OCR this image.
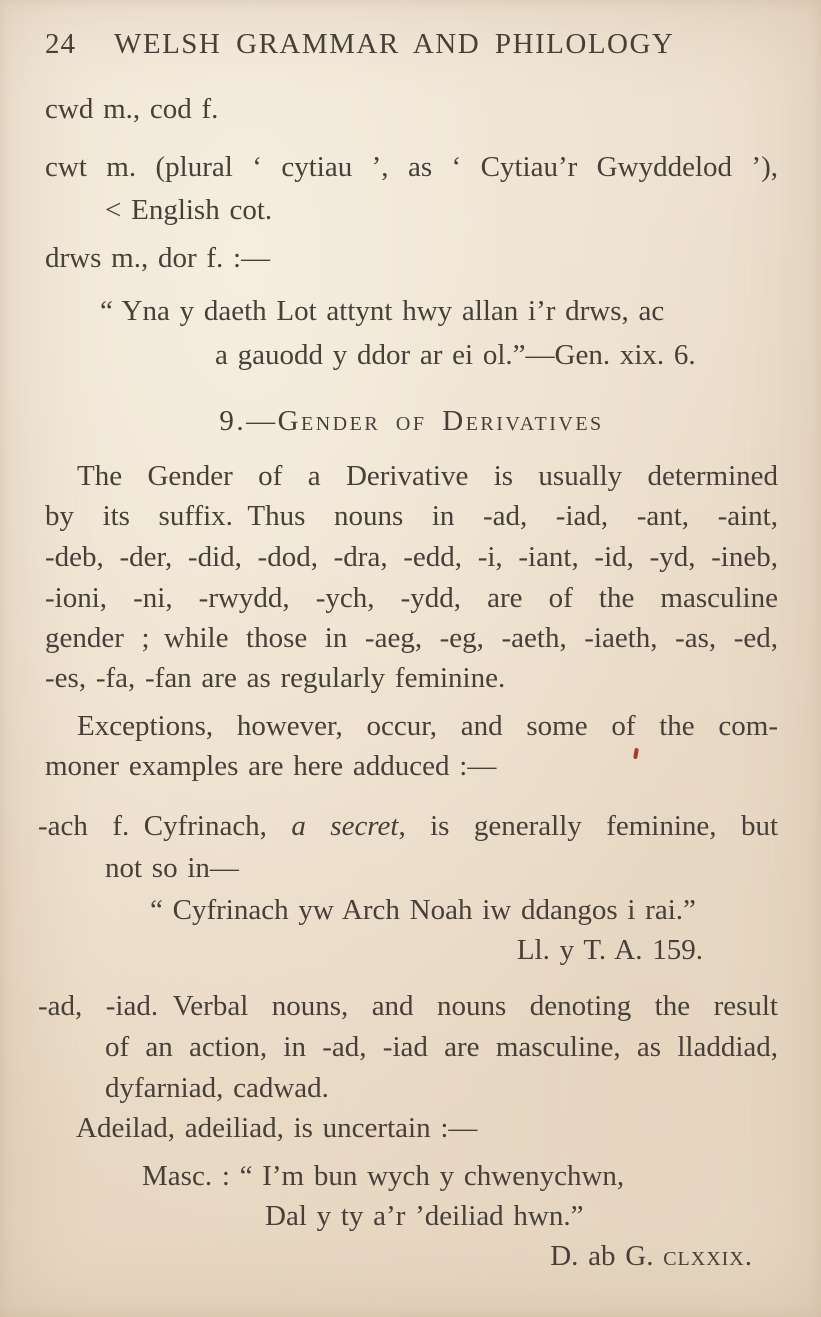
24 WELSH GRAMMAR AND PHILOLOGY
cwd m., cod f.
cwt m. (plural ‘ cytiau ’, as ‘ Cytiau’r Gwyddelod ’),
< English cot.
drws m., dor f. :—
“ Yna y daeth Lot attynt hwy allan i’r drws, ac
a gauodd y ddor ar ei ol.”—Gen. xix. 6.
9.—Gender of Derivatives
The Gender of a Derivative is usually determined
by its suffix. Thus nouns in -ad, -iad, -ant, -aint,
-deb, -der, -did, -dod, -dra, -edd, -i, -iant, -id, -yd, -ineb,
-ioni, -ni, -rwydd, -ych, -ydd, are of the masculine
gender ; while those in -aeg, -eg, -aeth, -iaeth, -as, -ed,
-es, -fa, -fan are as regularly feminine.
Exceptions, however, occur, and some of the com-
moner examples are here adduced :—
-ach f. Cyfrinach, a secret, is generally feminine, but
not so in—
“ Cyfrinach yw Arch Noah iw ddangos i rai.”
Ll. y T. A. 159.
-ad, -iad. Verbal nouns, and nouns denoting the result
of an action, in -ad, -iad are masculine, as lladdiad,
dyfarniad, cadwad.
Adeilad, adeiliad, is uncertain :—
Masc. : “ I’m bun wych y chwenychwn,
Dal y ty a’r ’deiliad hwn.”
D. ab G. clxxix.
